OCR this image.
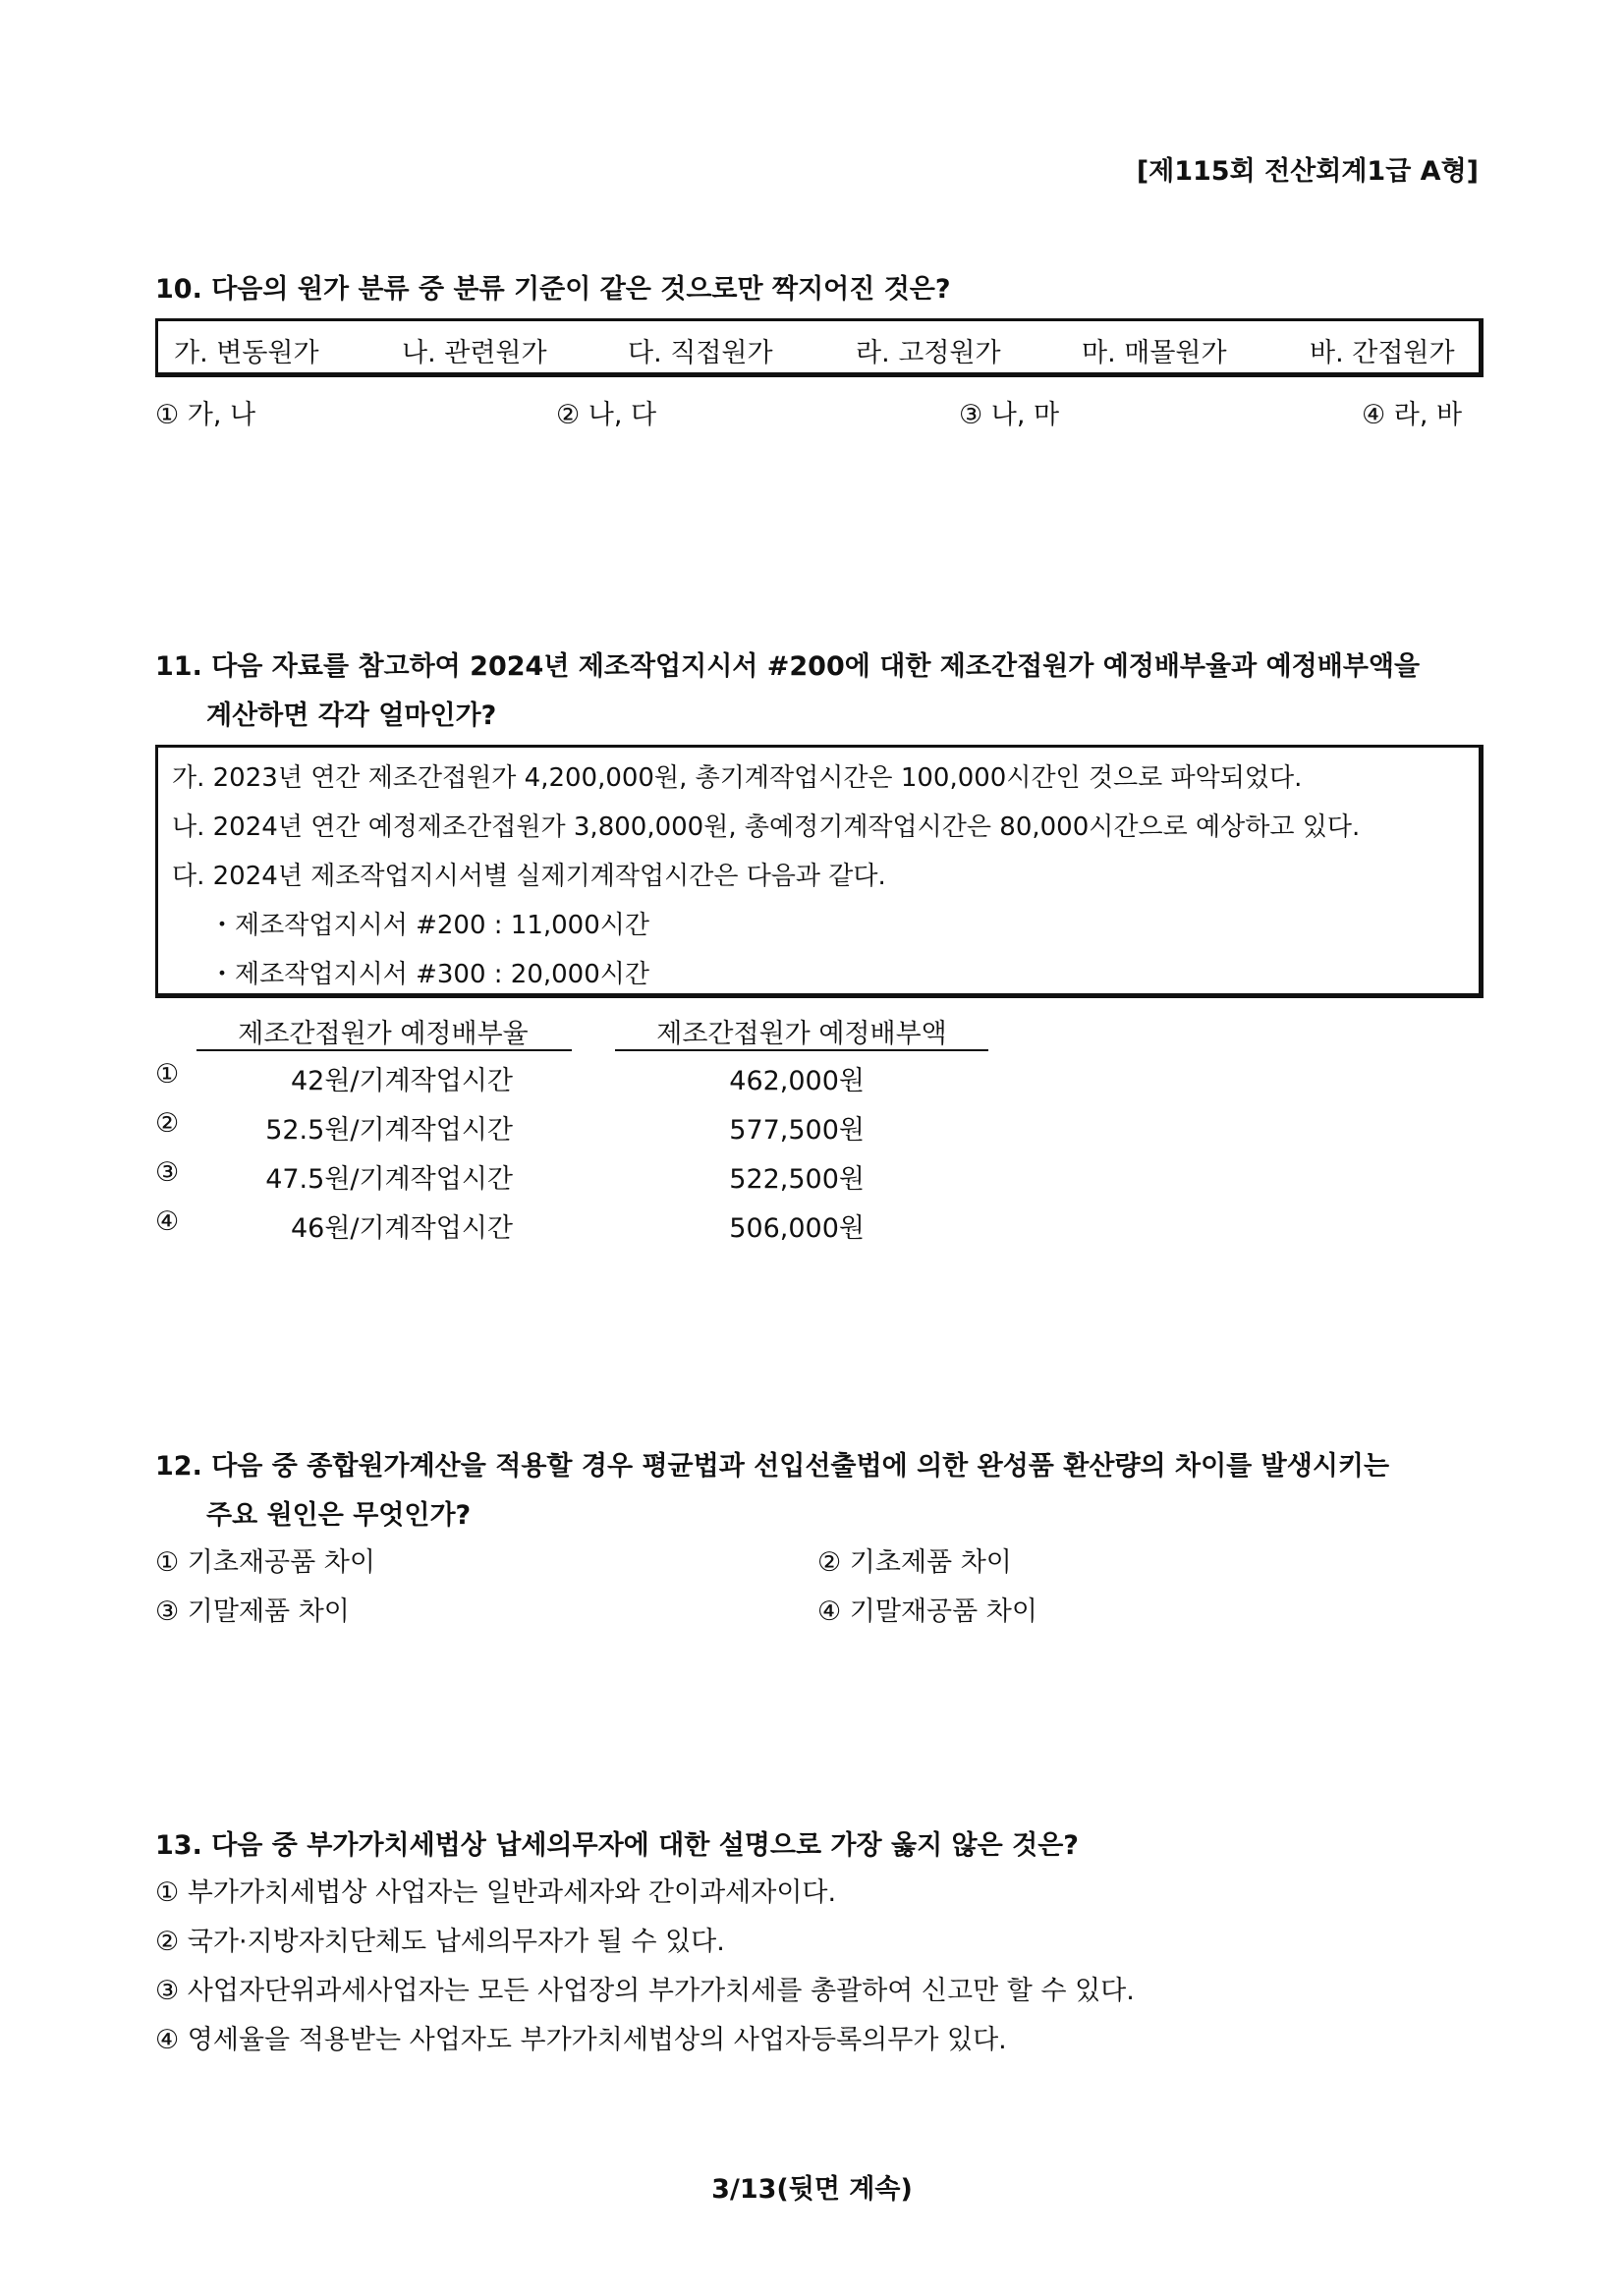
[제115회 전산회계1급 A형]
10. 다음의 원가 분류 중 분류 기준이 같은 것으로만 짝지어진 것은?
가. 변동원가	나. 관련원가	다. 직접원가	라. 고정원가	마. 매몰원가	바. 간접원가
① 가, 나	② 나, 다	③ 나, 마	④ 라, 바
11. 다음 자료를 참고하여 2024년 제조작업지시서 #200에 대한 제조간접원가 예정배부율과 예정배부액을
계산하면 각각 얼마인가?
가. 2023년 연간 제조간접원가 4,200,000원, 총기계작업시간은 100,000시간인 것으로 파악되었다.
나. 2024년 연간 예정제조간접원가 3,800,000원, 총예정기계작업시간은 80,000시간으로 예상하고 있다.
다. 2024년 제조작업지시서별 실제기계작업시간은 다음과 같다.
・제조작업지시서 #200 : 11,000시간
・제조작업지시서 #300 : 20,000시간
제조간접원가 예정배부율	제조간접원가 예정배부액
①	42원/기계작업시간	462,000원
②	52.5원/기계작업시간	577,500원
③	47.5원/기계작업시간	522,500원
④	46원/기계작업시간	506,000원
12. 다음 중 종합원가계산을 적용할 경우 평균법과 선입선출법에 의한 완성품 환산량의 차이를 발생시키는
주요 원인은 무엇인가?
① 기초재공품 차이	② 기초제품 차이
③ 기말제품 차이	④ 기말재공품 차이
13. 다음 중 부가가치세법상 납세의무자에 대한 설명으로 가장 옳지 않은 것은?
① 부가가치세법상 사업자는 일반과세자와 간이과세자이다.
② 국가·지방자치단체도 납세의무자가 될 수 있다.
③ 사업자단위과세사업자는 모든 사업장의 부가가치세를 총괄하여 신고만 할 수 있다.
④ 영세율을 적용받는 사업자도 부가가치세법상의 사업자등록의무가 있다.
3/13(뒷면 계속)
